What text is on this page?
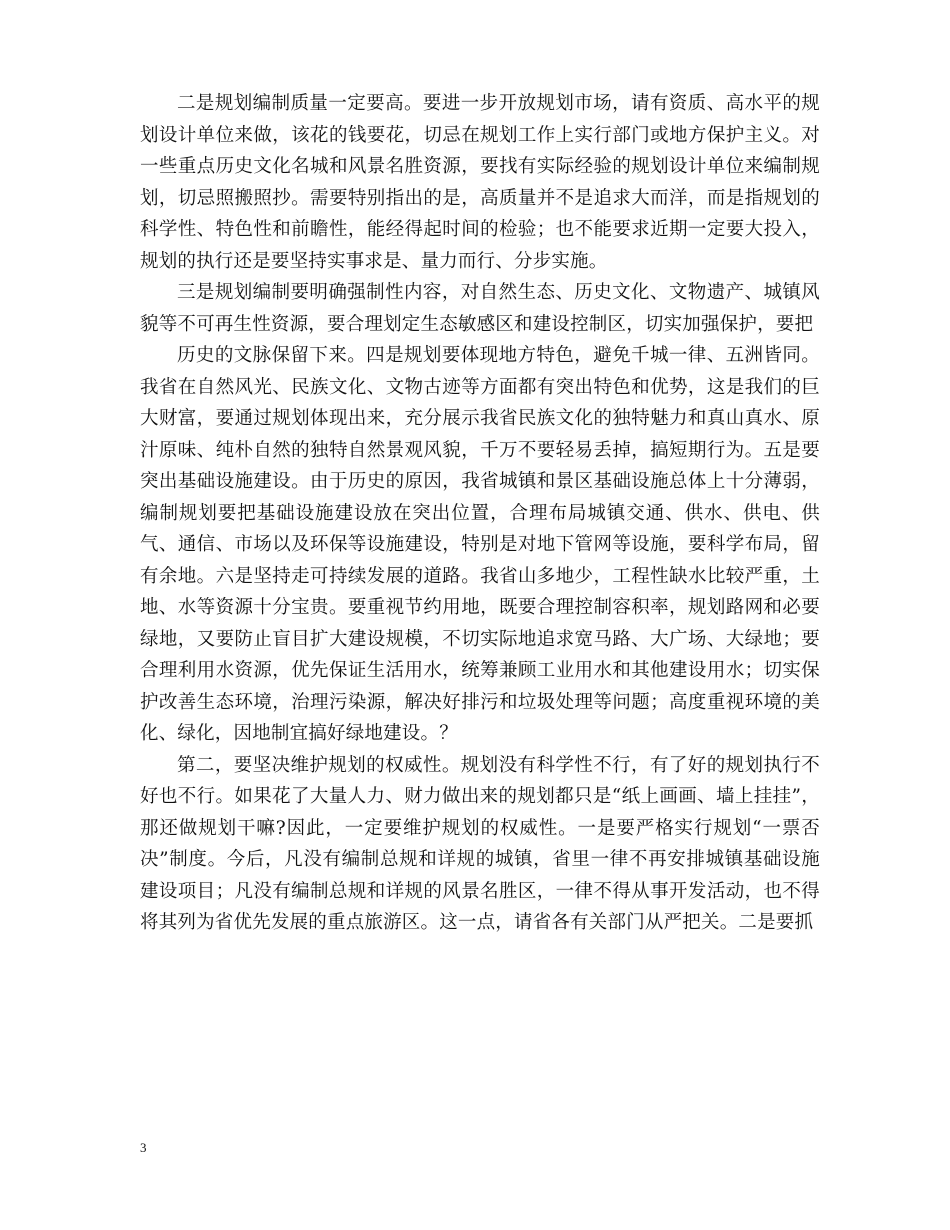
二是规划编制质量一定要高。要进一步开放规划市场，请有资质、高水平的规划设计单位来做，该花的钱要花，切忌在规划工作上实行部门或地方保护主义。对一些重点历史文化名城和风景名胜资源，要找有实际经验的规划设计单位来编制规划，切忌照搬照抄。需要特别指出的是，高质量并不是追求大而洋，而是指规划的科学性、特色性和前瞻性，能经得起时间的检验；也不能要求近期一定要大投入，规划的执行还是要坚持实事求是、量力而行、分步实施。

三是规划编制要明确强制性内容，对自然生态、历史文化、文物遗产、城镇风貌等不可再生性资源，要合理划定生态敏感区和建设控制区，切实加强保护，要把

历史的文脉保留下来。四是规划要体现地方特色，避免千城一律、五洲皆同。我省在自然风光、民族文化、文物古迹等方面都有突出特色和优势，这是我们的巨大财富，要通过规划体现出来，充分展示我省民族文化的独特魅力和真山真水、原汁原味、纯朴自然的独特自然景观风貌，千万不要轻易丢掉，搞短期行为。五是要突出基础设施建设。由于历史的原因，我省城镇和景区基础设施总体上十分薄弱，编制规划要把基础设施建设放在突出位置，合理布局城镇交通、供水、供电、供气、通信、市场以及环保等设施建设，特别是对地下管网等设施，要科学布局，留有余地。六是坚持走可持续发展的道路。我省山多地少，工程性缺水比较严重，土地、水等资源十分宝贵。要重视节约用地，既要合理控制容积率，规划路网和必要绿地，又要防止盲目扩大建设规模，不切实际地追求宽马路、大广场、大绿地；要合理利用水资源，优先保证生活用水，统筹兼顾工业用水和其他建设用水；切实保护改善生态环境，治理污染源，解决好排污和垃圾处理等问题；高度重视环境的美化、绿化，因地制宜搞好绿地建设。？

第二，要坚决维护规划的权威性。规划没有科学性不行，有了好的规划执行不好也不行。如果花了大量人力、财力做出来的规划都只是“纸上画画、墙上挂挂”，那还做规划干嘛?因此，一定要维护规划的权威性。一是要严格实行规划“一票否决”制度。今后，凡没有编制总规和详规的城镇，省里一律不再安排城镇基础设施建设项目；凡没有编制总规和详规的风景名胜区，一律不得从事开发活动，也不得将其列为省优先发展的重点旅游区。这一点，请省各有关部门从严把关。二是要抓

3
